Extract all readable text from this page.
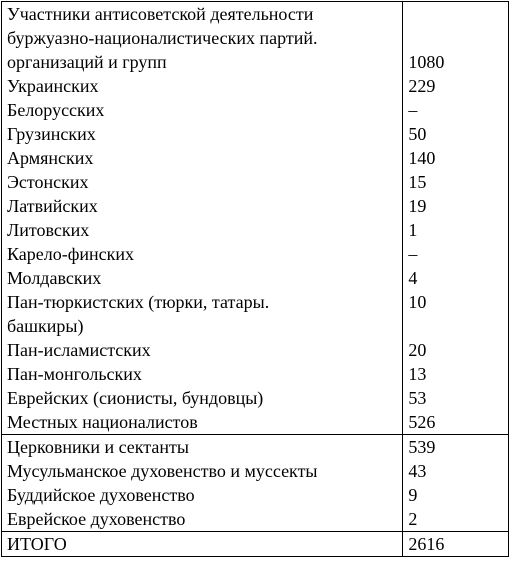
Участники антисоветской деятельности	
буржуазно-националистических партий.	
организаций и групп	1080
Украинских	229
Белорусских	–
Грузинских	50
Армянских	140
Эстонских	15
Латвийских	19
Литовских	1
Карело-финских	–
Молдавских	4
Пан-тюркистских (тюрки, татары.	10
башкиры)	
Пан-исламистских	20
Пан-монгольских	13
Еврейских (сионисты, бундовцы)	53
Местных националистов	526
Церковники и сектанты	539
Мусульманское духовенство и муссекты	43
Буддийское духовенство	9
Еврейское духовенство	2
ИТОГО	2616
